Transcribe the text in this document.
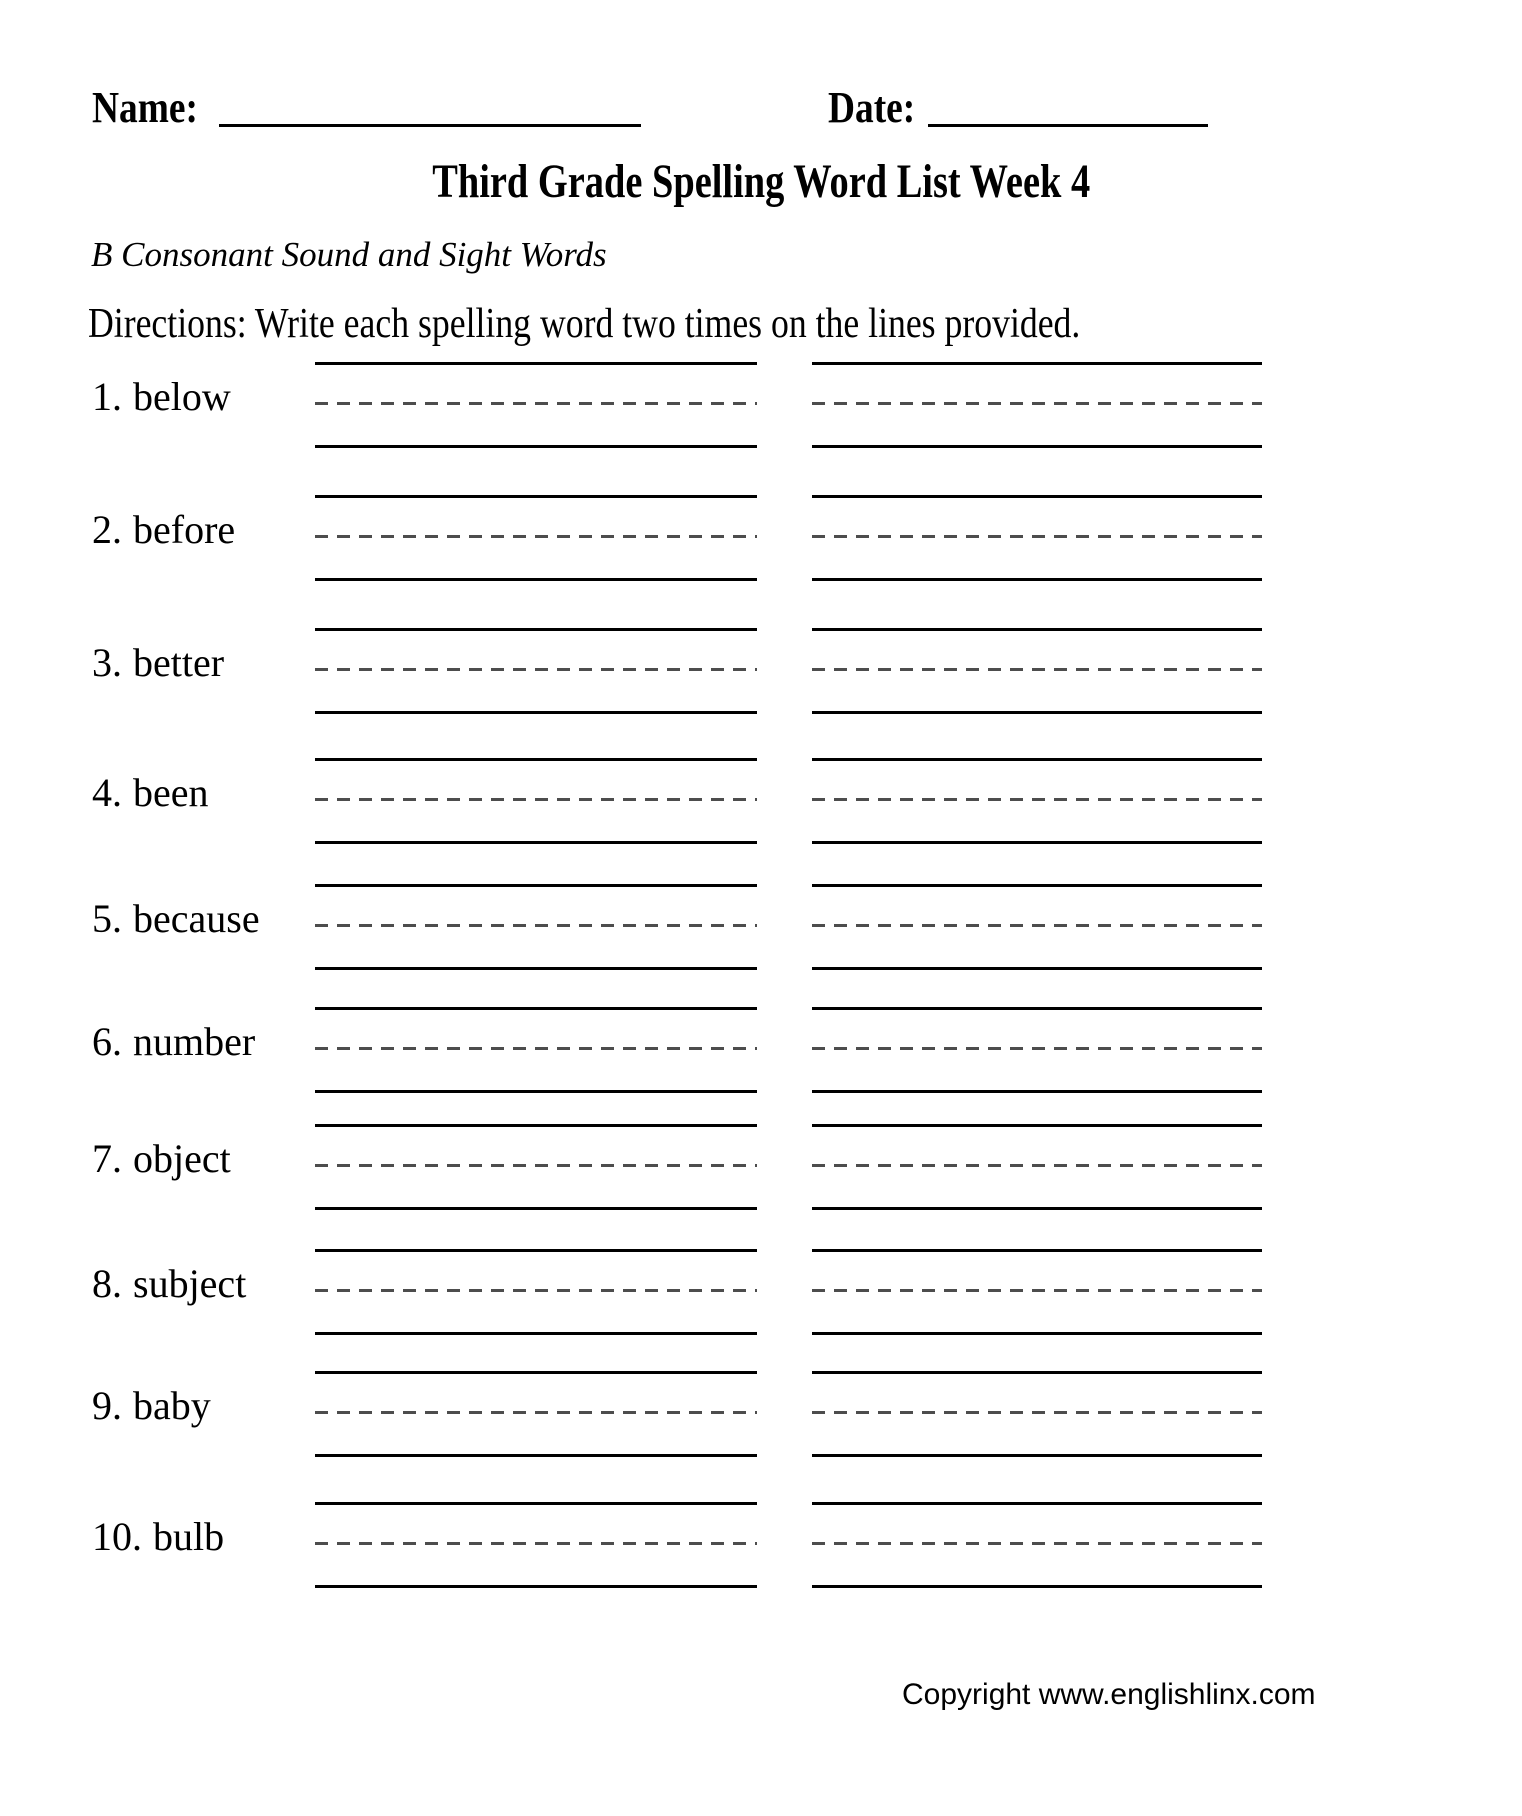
Name:	Date:
Third Grade Spelling Word List Week 4
B Consonant Sound and Sight Words
Directions: Write each spelling word two times on the lines provided.
1. below
2. before
3. better
4. been
5. because
6. number
7. object
8. subject
9. baby
10. bulb
Copyright www.englishlinx.com
